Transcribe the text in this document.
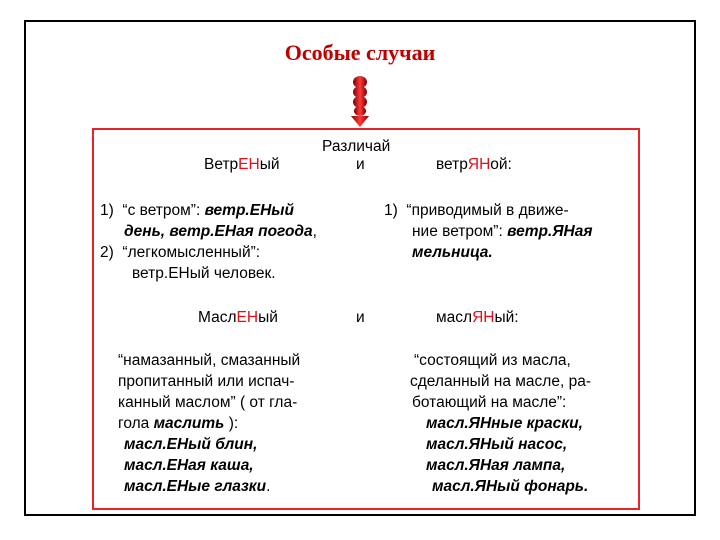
Особые случаи
Различай
ВетрЕНый	и	ветрЯНой:
1) “с ветром”: ветр.ЕНый
день, ветр.ЕНая погода,
2) “легкомысленный”:
ветр.ЕНый человек.
1) “приводимый в движе-
ние ветром”: ветр.ЯНая
мельница.
МаслЕНый	и	маслЯНый:
“намазанный, смазанный
пропитанный или испач-
канный маслом” ( от гла-
гола маслить ):
масл.ЕНый блин,
масл.ЕНая каша,
масл.ЕНые глазки.
“состоящий из масла,
сделанный на масле, ра-
ботающий на масле”:
масл.ЯНные краски,
масл.ЯНый насос,
масл.ЯНая лампа,
масл.ЯНый фонарь.
